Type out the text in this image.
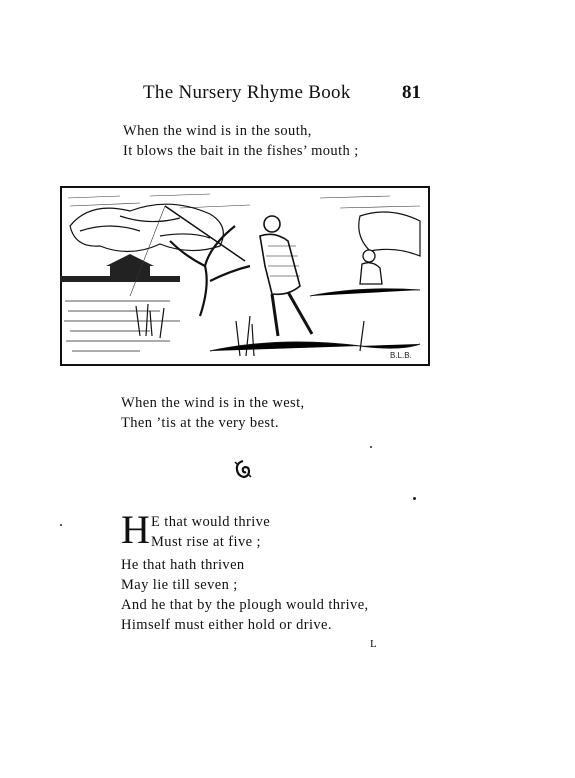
The Nursery Rhyme Book	81
When the wind is in the south,
It blows the bait in the fishes’ mouth ;
B.L.B.
When the wind is in the west,
Then ’tis at the very best.
H E that would thrive
Must rise at five ;
He that hath thriven
May lie till seven ;
And he that by the plough would thrive,
Himself must either hold or drive.
L
